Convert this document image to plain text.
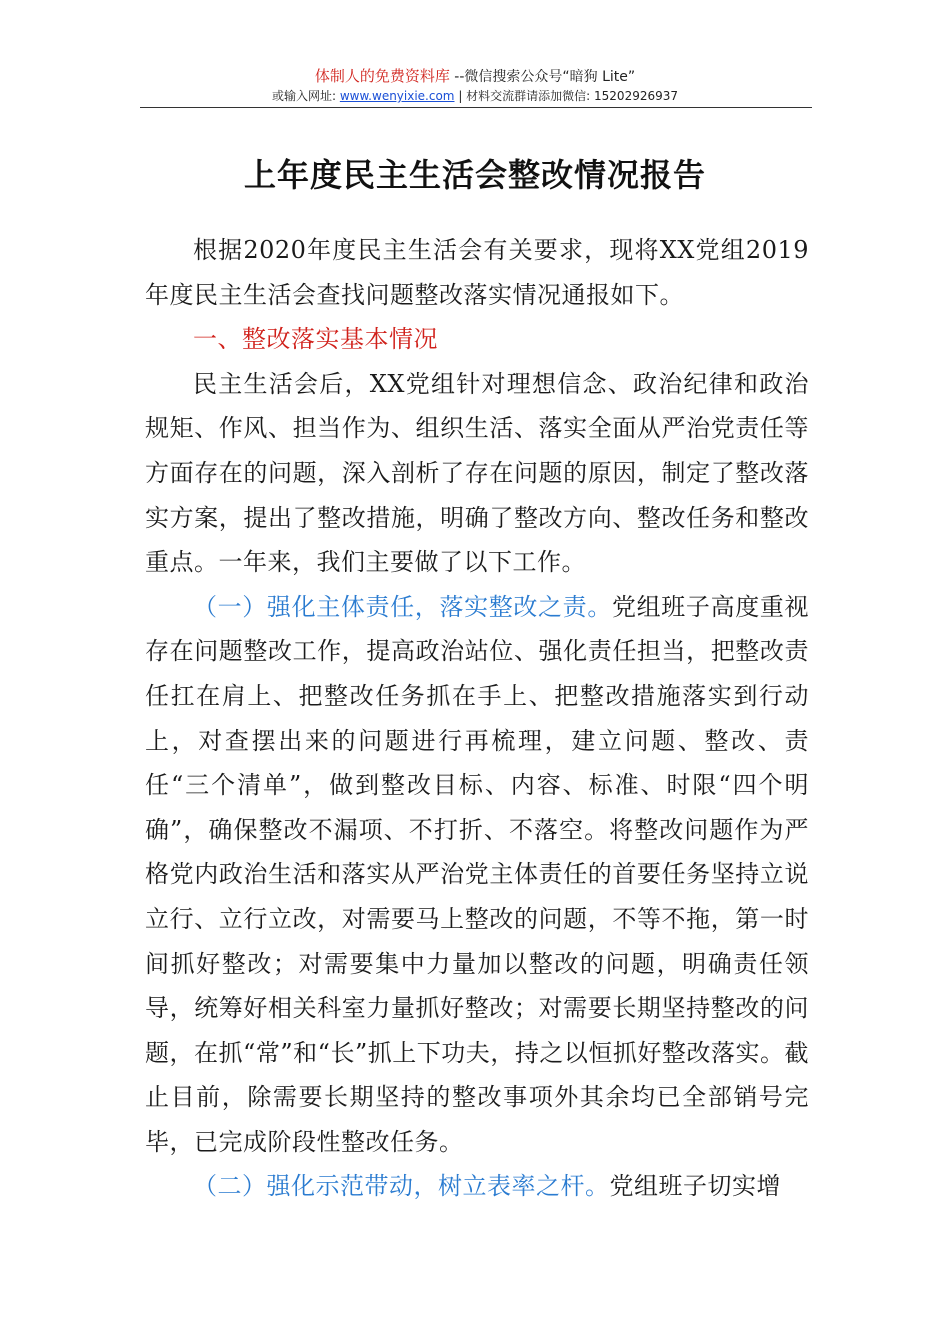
体制人的免费资料库 --微信搜索公众号“暗狗 Lite”
或输入网址: www.wenyixie.com | 材料交流群请添加微信: 15202926937
上年度民主生活会整改情况报告

根据2020年度民主生活会有关要求，现将XX党组2019年度民主生活会查找问题整改落实情况通报如下。

一、整改落实基本情况

民主生活会后，XX党组针对理想信念、政治纪律和政治规矩、作风、担当作为、组织生活、落实全面从严治党责任等方面存在的问题，深入剖析了存在问题的原因，制定了整改落实方案，提出了整改措施，明确了整改方向、整改任务和整改重点。一年来，我们主要做了以下工作。

（一）强化主体责任，落实整改之责。党组班子高度重视存在问题整改工作，提高政治站位、强化责任担当，把整改责任扛在肩上、把整改任务抓在手上、把整改措施落实到行动上，对查摆出来的问题进行再梳理，建立问题、整改、责任“三个清单”，做到整改目标、内容、标准、时限“四个明确”，确保整改不漏项、不打折、不落空。将整改问题作为严格党内政治生活和落实从严治党主体责任的首要任务坚持立说立行、立行立改，对需要马上整改的问题，不等不拖，第一时间抓好整改；对需要集中力量加以整改的问题，明确责任领导，统筹好相关科室力量抓好整改；对需要长期坚持整改的问题，在抓“常”和“长”抓上下功夫，持之以恒抓好整改落实。截止目前，除需要长期坚持的整改事项外其余均已全部销号完毕，已完成阶段性整改任务。

（二）强化示范带动，树立表率之杆。党组班子切实增
